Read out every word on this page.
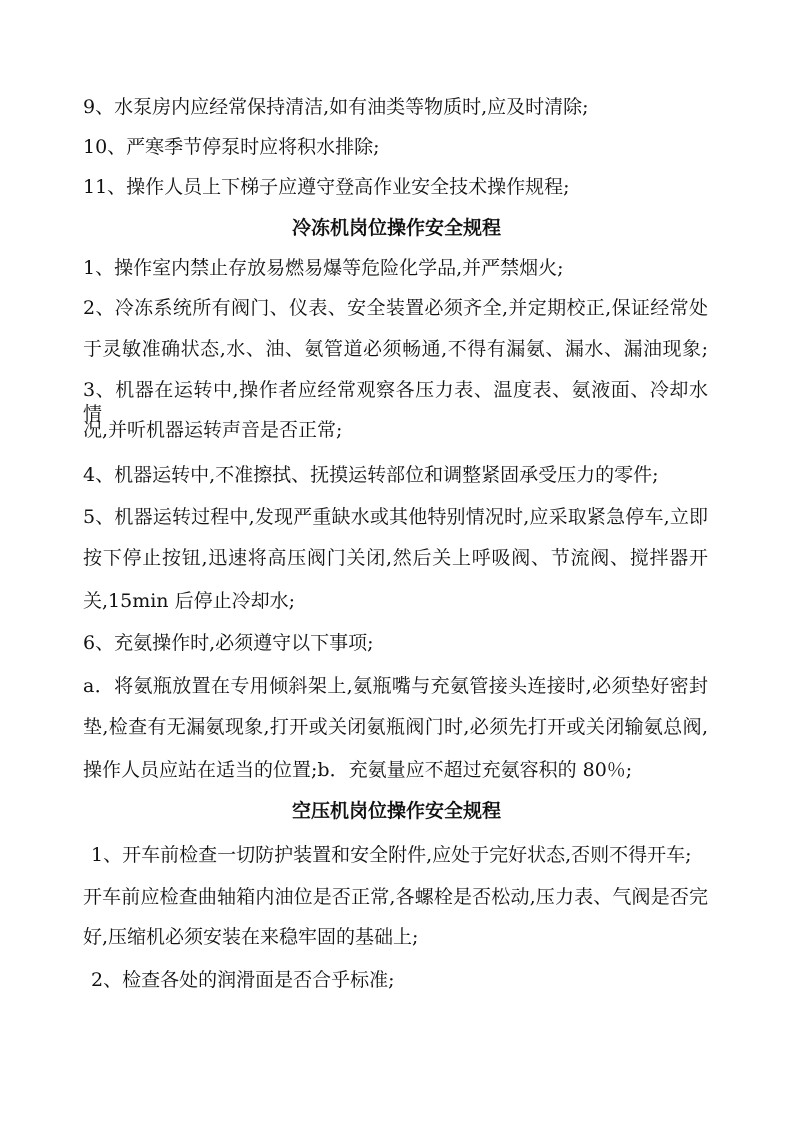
9、水泵房内应经常保持清洁,如有油类等物质时,应及时清除;
10、严寒季节停泵时应将积水排除;
11、操作人员上下梯子应遵守登高作业安全技术操作规程;
冷冻机岗位操作安全规程
1、操作室内禁止存放易燃易爆等危险化学品,并严禁烟火;
2、冷冻系统所有阀门、仪表、安全装置必须齐全,并定期校正,保证经常处
于灵敏准确状态,水、油、氨管道必须畅通,不得有漏氨、漏水、漏油现象;
3、机器在运转中,操作者应经常观察各压力表、温度表、氨液面、冷却水情
况,并听机器运转声音是否正常;
4、机器运转中,不准擦拭、抚摸运转部位和调整紧固承受压力的零件;
5、机器运转过程中,发现严重缺水或其他特别情况时,应采取紧急停车,立即
按下停止按钮,迅速将高压阀门关闭,然后关上呼吸阀、节流阀、搅拌器开
关,15min 后停止冷却水;
6、充氨操作时,必须遵守以下事项;
a．将氨瓶放置在专用倾斜架上,氨瓶嘴与充氨管接头连接时,必须垫好密封
垫,检查有无漏氨现象,打开或关闭氨瓶阀门时,必须先打开或关闭输氨总阀,
操作人员应站在适当的位置;b．充氨量应不超过充氨容积的 80％;
空压机岗位操作安全规程
1、开车前检查一切防护装置和安全附件,应处于完好状态,否则不得开车;
开车前应检查曲轴箱内油位是否正常,各螺栓是否松动,压力表、气阀是否完
好,压缩机必须安装在来稳牢固的基础上;
2、检查各处的润滑面是否合乎标准;
